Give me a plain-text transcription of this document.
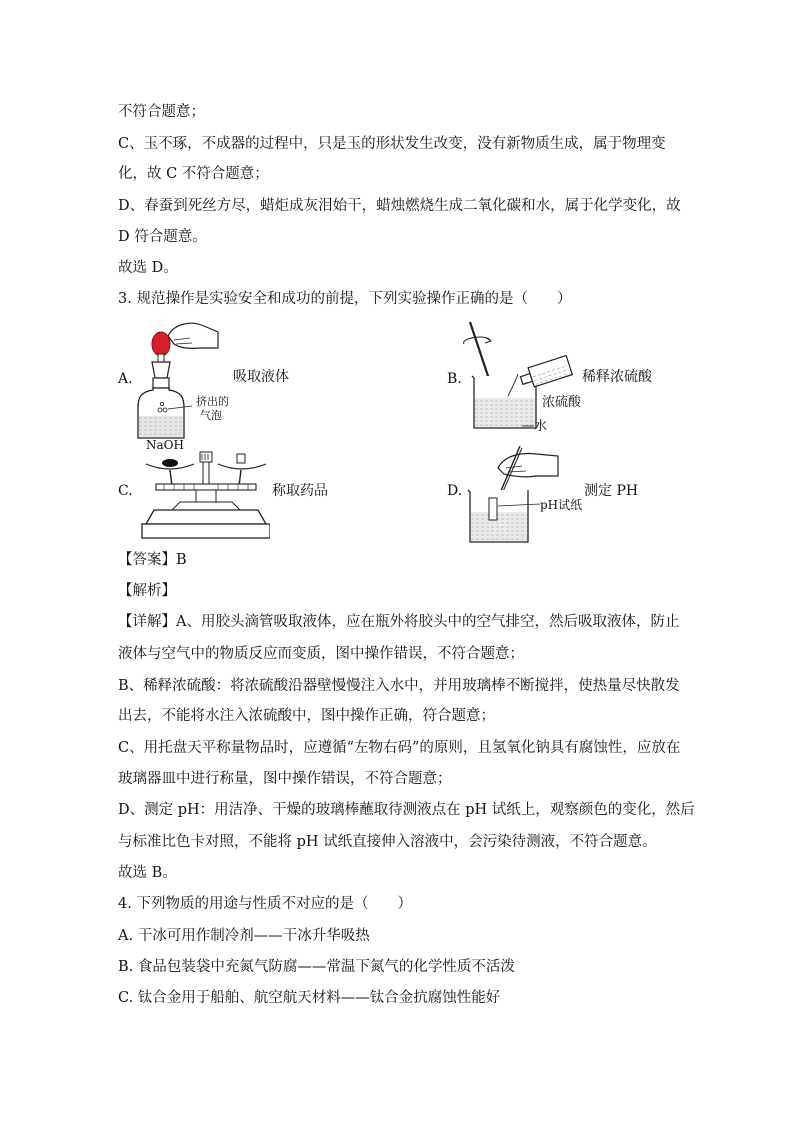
不符合题意；
C、玉不琢，不成器的过程中，只是玉的形状发生改变，没有新物质生成，属于物理变
化，故 C 不符合题意；
D、春蚕到死丝方尽，蜡炬成灰泪始干，蜡烛燃烧生成二氧化碳和水，属于化学变化，故
D 符合题意。
故选 D。
3. 规范操作是实验安全和成功的前提，下列实验操作正确的是（　　）
A.
挤出的
气泡
吸取液体	B.	稀释浓硫酸
浓硫酸
水
C.
NaOH
称取药品	D.	测定 PH
pH试纸
【答案】B
【解析】
【详解】A、用胶头滴管吸取液体，应在瓶外将胶头中的空气排空，然后吸取液体，防止
液体与空气中的物质反应而变质，图中操作错误，不符合题意；
B、稀释浓硫酸：将浓硫酸沿器壁慢慢注入水中，并用玻璃棒不断搅拌，使热量尽快散发
出去，不能将水注入浓硫酸中，图中操作正确，符合题意；
C、用托盘天平称量物品时，应遵循“左物右码”的原则，且氢氧化钠具有腐蚀性，应放在
玻璃器皿中进行称量，图中操作错误，不符合题意；
D、测定 pH：用洁净、干燥的玻璃棒蘸取待测液点在 pH 试纸上，观察颜色的变化，然后
与标准比色卡对照，不能将 pH 试纸直接伸入溶液中，会污染待测液，不符合题意。
故选 B。
4. 下列物质的用途与性质不对应的是（　　）
A. 干冰可用作制冷剂——干冰升华吸热
B. 食品包装袋中充氮气防腐——常温下氮气的化学性质不活泼
C. 钛合金用于船舶、航空航天材料——钛合金抗腐蚀性能好
